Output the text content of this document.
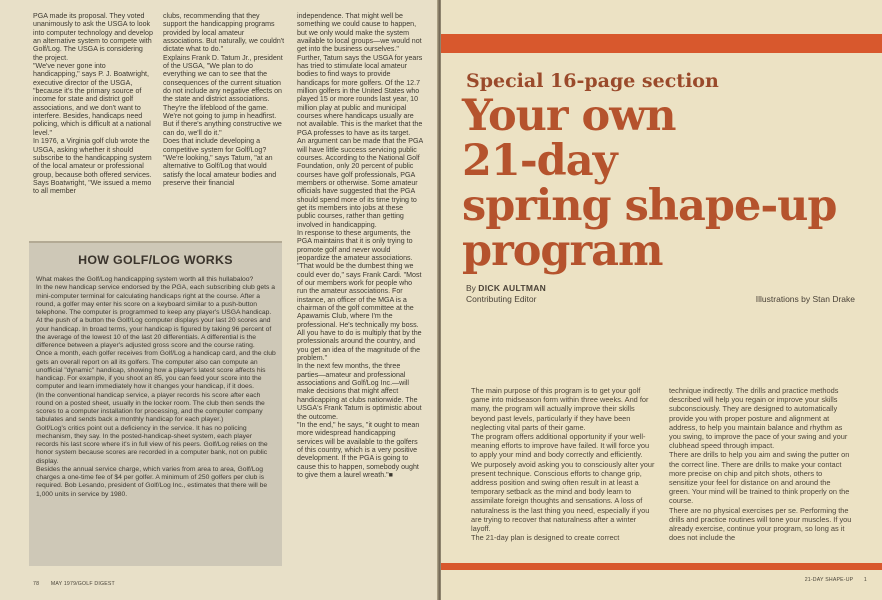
PGA made its proposal. They voted unanimously to ask the USGA to look into computer technology and develop an alternative system to compete with Golf/Log. The USGA is considering the project.
"We've never gone into handicapping," says P. J. Boatwright, executive director of the USGA, "because it's the primary source of income for state and district golf associations, and we don't want to interfere. Besides, handicaps need policing, which is difficult at a national level."
In 1976, a Virginia golf club wrote the USGA, asking whether it should subscribe to the handicapping system of the local amateur or professional group, because both offered services. Says Boatwright, "We issued a memo to all member
clubs, recommending that they support the handicapping programs provided by local amateur associations. But naturally, we couldn't dictate what to do."
Explains Frank D. Tatum Jr., president of the USGA, "We plan to do everything we can to see that the consequences of the current situation do not include any negative effects on the state and district associations. They're the lifeblood of the game. We're not going to jump in headfirst. But if there's anything constructive we can do, we'll do it."
Does that include developing a competitive system for Golf/Log?
"We're looking," says Tatum, "at an alternative to Golf/Log that would satisfy the local amateur bodies and preserve their financial
independence. That might well be something we could cause to happen, but we only would make the system available to local groups—we would not get into the business ourselves."
Further, Tatum says the USGA for years has tried to stimulate local amateur bodies to find ways to provide handicaps for more golfers. Of the 12.7 million golfers in the United States who played 15 or more rounds last year, 10 million play at public and municipal courses where handicaps usually are not available. This is the market that the PGA professes to have as its target.
An argument can be made that the PGA will have little success servicing public courses. According to the National Golf Foundation, only 20 percent of public courses have golf professionals, PGA members or otherwise. Some amateur officials have suggested that the PGA should spend more of its time trying to get its members into jobs at these public courses, rather than getting involved in handicapping.
In response to these arguments, the PGA maintains that it is only trying to promote golf and never would jeopardize the amateur associations. "That would be the dumbest thing we could ever do," says Frank Cardi. "Most of our members work for people who run the amateur associations. For instance, an officer of the MGA is a chairman of the golf committee at the Apawamis Club, where I'm the professional. He's technically my boss. All you have to do is multiply that by the professionals around the country, and you get an idea of the magnitude of the problem."
In the next few months, the three parties—amateur and professional associations and Golf/Log Inc.—will make decisions that might affect handicapping at clubs nationwide. The USGA's Frank Tatum is optimistic about the outcome.
"In the end," he says, "it ought to mean more widespread handicapping services will be available to the golfers of this country, which is a very positive development. If the PGA is going to cause this to happen, somebody ought to give them a laurel wreath."■
HOW GOLF/LOG WORKS
What makes the Golf/Log handicapping system worth all this hullabaloo?
In the new handicap service endorsed by the PGA, each subscribing club gets a mini-computer terminal for calculating handicaps right at the course. After a round, a golfer may enter his score on a keyboard similar to a push-button telephone. The computer is programmed to keep any player's USGA handicap.
At the push of a button the Golf/Log computer displays your last 20 scores and your handicap. In broad terms, your handicap is figured by taking 96 percent of the average of the lowest 10 of the last 20 differentials. A differential is the difference between a player's adjusted gross score and the course rating.
Once a month, each golfer receives from Golf/Log a handicap card, and the club gets an overall report on all its golfers. The computer also can compute an unofficial "dynamic" handicap, showing how a player's latest score affects his handicap. For example, if you shoot an 85, you can feed your score into the computer and learn immediately how it changes your handicap, if it does.
(In the conventional handicap service, a player records his score after each round on a posted sheet, usually in the locker room. The club then sends the scores to a computer installation for processing, and the computer company tabulates and sends back a monthly handicap for each player.)
Golf/Log's critics point out a deficiency in the service. It has no policing mechanism, they say. In the posted-handicap-sheet system, each player records his last score where it's in full view of his peers. Golf/Log relies on the honor system because scores are recorded in a computer bank, not on public display.
Besides the annual service charge, which varies from area to area, Golf/Log charges a one-time fee of $4 per golfer. A minimum of 250 golfers per club is required. Bob Lesando, president of Golf/Log Inc., estimates that there will be 1,000 units in service by 1980.
78 MAY 1979/GOLF DIGEST
Special 16-page section
Your own
21-day
spring shape-up
program
By DICK AULTMAN
Contributing Editor	Illustrations by Stan Drake
The main purpose of this program is to get your golf game into midseason form within three weeks. And for many, the program will actually improve their skills beyond past levels, particularly if they have been neglecting vital parts of their game.
The program offers additional opportunity if your well-meaning efforts to improve have failed. It will force you to apply your mind and body correctly and efficiently.
We purposely avoid asking you to consciously alter your present technique. Conscious efforts to change grip, address position and swing often result in at least a temporary setback as the mind and body learn to assimilate foreign thoughts and sensations. A loss of naturalness is the last thing you need, especially if you are trying to recover that naturalness after a winter layoff.
The 21-day plan is designed to create correct
technique indirectly. The drills and practice methods described will help you regain or improve your skills subconsciously. They are designed to automatically provide you with proper posture and alignment at address, to help you maintain balance and rhythm as you swing, to improve the pace of your swing and your clubhead speed through impact.
There are drills to help you aim and swing the putter on the correct line. There are drills to make your contact more precise on chip and pitch shots, others to sensitize your feel for distance on and around the green. Your mind will be trained to think properly on the course.
There are no physical exercises per se. Performing the drills and practice routines will tone your muscles. If you already exercise, continue your program, so long as it does not include the
21-DAY SHAPE-UP 1
